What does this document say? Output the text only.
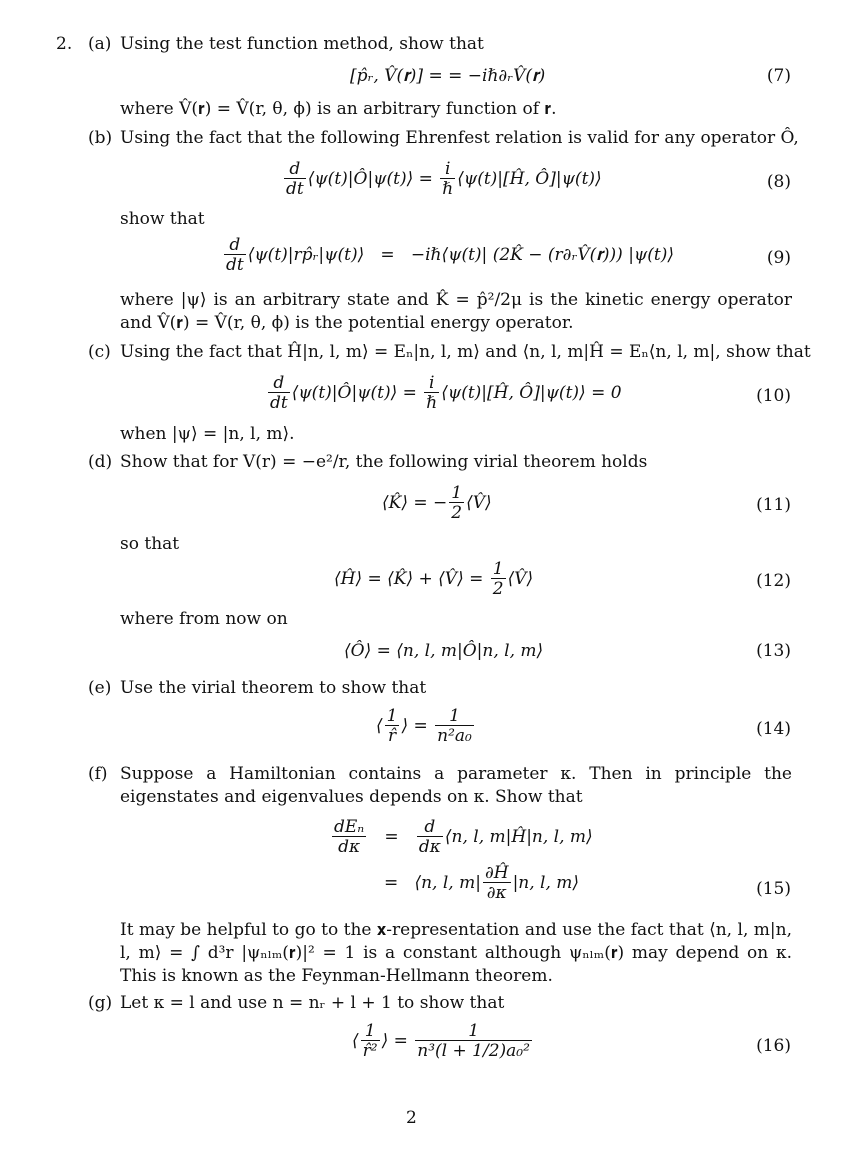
2. (a) Using the test function method, show that
[p̂ᵣ, V̂(𝐫)] = = −iℏ∂ᵣV̂(𝐫)	(7)
where V̂(𝐫) = V̂(r, θ, ϕ) is an arbitrary function of 𝐫.
(b) Using the fact that the following Ehrenfest relation is valid for any operator Ô,
$\frac{d}{dt}$ ⟨ψ(t)|Ô|ψ(t)⟩ = $\frac{i}{\text{ℏ}}$ ⟨ψ(t)|[Ĥ, Ô]|ψ(t)⟩	(8)
show that
$\frac{d}{dt}$ ⟨ψ(t)|rp̂ᵣ|ψ(t)⟩   =   −iℏ⟨ψ(t)| (2K̂ − (r∂ᵣV̂(𝐫))) |ψ(t)⟩	(9)
where |ψ⟩ is an arbitrary state and K̂ = p̂²/2μ is the kinetic energy operator and V̂(𝐫) = V̂(r, θ, ϕ) is the potential energy operator.
(c) Using the fact that Ĥ|n, l, m⟩ = Eₙ|n, l, m⟩ and ⟨n, l, m|Ĥ = Eₙ⟨n, l, m|, show that
$\frac{d}{dt}$ ⟨ψ(t)|Ô|ψ(t)⟩ = $\frac{i}{\text{ℏ}}$ ⟨ψ(t)|[Ĥ, Ô]|ψ(t)⟩ = 0	(10)
when |ψ⟩ = |n, l, m⟩.
(d) Show that for V(r) = −e²/r, the following virial theorem holds
⟨K̂⟩ = − $\frac{1}{2}$ ⟨V̂⟩	(11)
so that
⟨Ĥ⟩ = ⟨K̂⟩ + ⟨V̂⟩ = $\frac{1}{2}$ ⟨V̂⟩	(12)
where from now on
⟨Ô⟩ = ⟨n, l, m|Ô|n, l, m⟩	(13)
(e) Use the virial theorem to show that
⟨ $\frac{1}{r̂}$ ⟩ = $\frac{1}{\text{n²a₀}}$	(14)
(f) Suppose a Hamiltonian contains a parameter κ. Then in principle the eigenstates and eigenvalues depends on κ. Show that
$\frac{\text{dEₙ}}{d\kappa} = \frac{d}{d\kappa}$ ⟨n, l, m|Ĥ|n, l, m⟩
=   ⟨n, l, $m| \frac{\partial Ĥ}{\partial\kappa} |n$, l, m⟩	(15)
It may be helpful to go to the 𝐱-representation and use the fact that ⟨n, l, m|n, l, m⟩ = ∫ d³r |ψₙₗₘ(𝐫)|² = 1 is a constant although ψₙₗₘ(𝐫) may depend on κ. This is known as the Feynman-Hellmann theorem.
(g) Let κ = l and use n = nᵣ + l + 1 to show that
⟨ $\frac{1}{\text{r̂²}}$ ⟩ = $\frac{1}{\text{n³(l + 1/2)a₀²}}$	(16)
2
